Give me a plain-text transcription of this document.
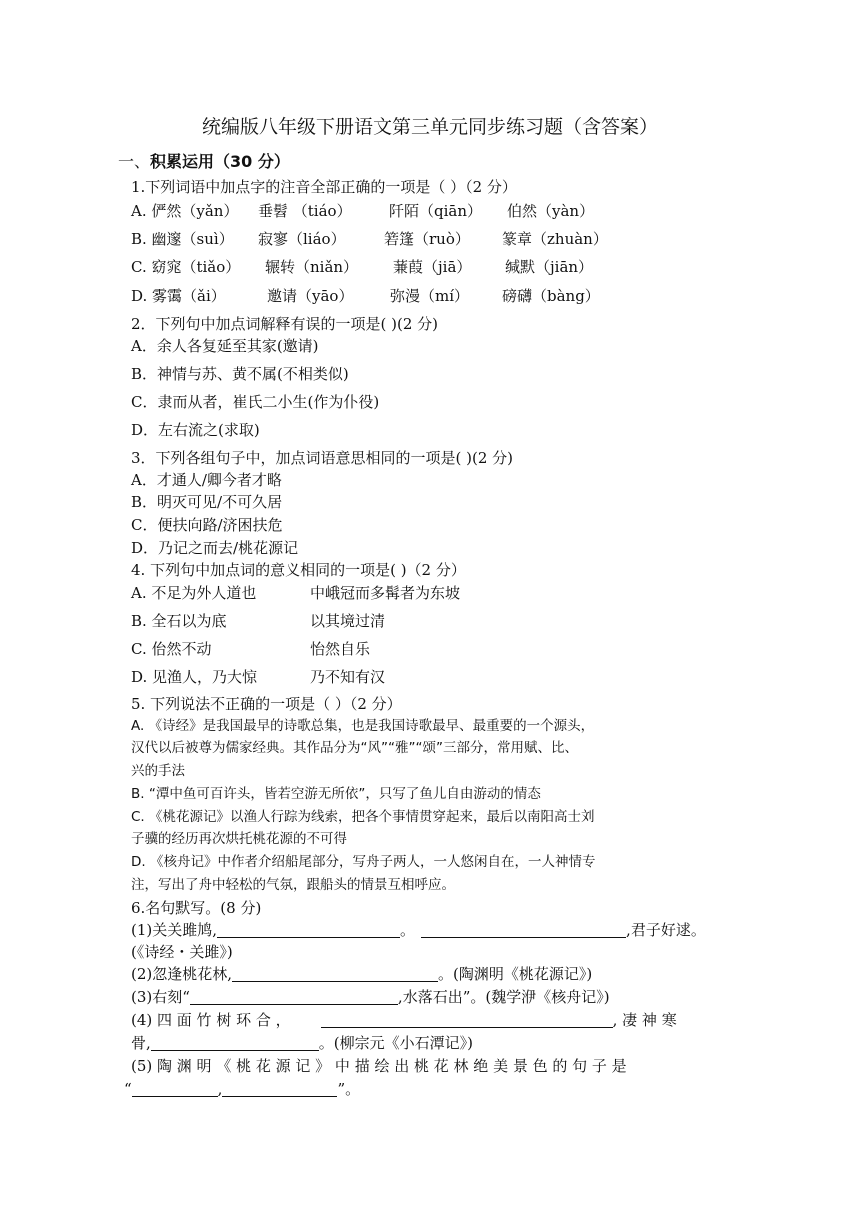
统编版八年级下册语文第三单元同步练习题（含答案）
一、积累运用（30 分）
1.下列词语中加点字的注音全部正确的一项是（ ）（2 分）
A. 俨然（yǎn） 垂髫 （tiáo） 阡陌（qiān） 伯然（yàn）
B. 幽邃（suì） 寂寥（liáo）	箬篷（ruò） 篆章（zhuàn）
C. 窈窕（tiǎo） 辗转（niǎn） 蒹葭（jiā） 缄默（jiān）
D. 雾霭（ǎi）	邀请（yāo） 弥漫（mí） 磅礴（bàng）
2．下列句中加点词解释有误的一项是( )(2 分)
A．余人各复延至其家(邀请)
B．神情与苏、黄不属(不相类似)
C．隶而从者，崔氏二小生(作为仆役)
D．左右流之(求取)
3．下列各组句子中，加点词语意思相同的一项是( )(2 分)
A．才通人/卿今者才略
B．明灭可见/不可久居
C．便扶向路/济困扶危
D．乃记之而去/桃花源记
4. 下列句中加点词的意义相同的一项是( )（2 分）
A. 不足为外人道也	中峨冠而多髯者为东坡
B. 全石以为底	以其境过清
C. 佁然不动	怡然自乐
D. 见渔人，乃大惊	乃不知有汉
5. 下列说法不正确的一项是（ ）（2 分）
A. 《诗经》是我国最早的诗歌总集，也是我国诗歌最早、最重要的一个源头，
汉代以后被尊为儒家经典。其作品分为“风”“雅”“颂”三部分，常用赋、比、
兴的手法
B. “潭中鱼可百许头，皆若空游无所依”，只写了鱼儿自由游动的情态
C. 《桃花源记》以渔人行踪为线索，把各个事情贯穿起来，最后以南阳高士刘
子骥的经历再次烘托桃花源的不可得
D. 《核舟记》中作者介绍船尾部分，写舟子两人，一人悠闲自在，一人神情专
注，写出了舟中轻松的气氛，跟船头的情景互相呼应。
6.名句默写。(8 分)
(1)关关雎鸠,	。	,君子好逑。
(《诗经・关雎》)
(2)忽逢桃花林,	。(陶渊明《桃花源记》)
(3)右刻“	,水落石出”。(魏学洢《核舟记》)
(4) 四 面 竹 树 环 合 ，	, 凄 神 寒
骨,	。(柳宗元《小石潭记》)
(5) 陶 渊 明 《 桃 花 源 记 》 中 描 绘 出 桃 花 林 绝 美 景 色 的 句 子 是
“	,	”。
